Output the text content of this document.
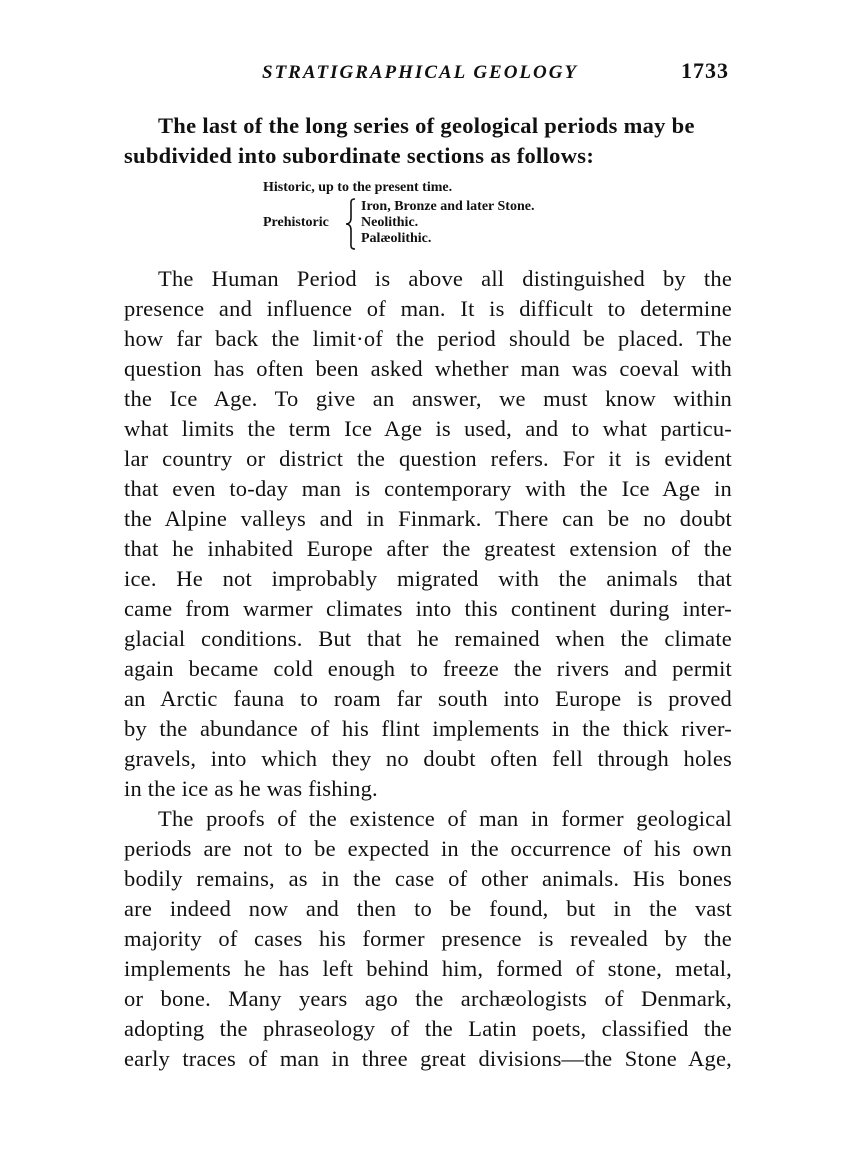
STRATIGRAPHICAL GEOLOGY	1733
The last of the long series of geological periods may be
subdivided into subordinate sections as follows:
Historic, up to the present time.
Prehistoric
Iron, Bronze and later Stone.
Neolithic.
Palæolithic.
The Human Period is above all distinguished by the
presence and influence of man. It is difficult to determine
how far back the limit·of the period should be placed. The
question has often been asked whether man was coeval with
the Ice Age. To give an answer, we must know within
what limits the term Ice Age is used, and to what particu-
lar country or district the question refers. For it is evident
that even to-day man is contemporary with the Ice Age in
the Alpine valleys and in Finmark. There can be no doubt
that he inhabited Europe after the greatest extension of the
ice. He not improbably migrated with the animals that
came from warmer climates into this continent during inter-
glacial conditions. But that he remained when the climate
again became cold enough to freeze the rivers and permit
an Arctic fauna to roam far south into Europe is proved
by the abundance of his flint implements in the thick river-
gravels, into which they no doubt often fell through holes
in the ice as he was fishing.
The proofs of the existence of man in former geological
periods are not to be expected in the occurrence of his own
bodily remains, as in the case of other animals. His bones
are indeed now and then to be found, but in the vast
majority of cases his former presence is revealed by the
implements he has left behind him, formed of stone, metal,
or bone. Many years ago the archæologists of Denmark,
adopting the phraseology of the Latin poets, classified the
early traces of man in three great divisions—the Stone Age,
